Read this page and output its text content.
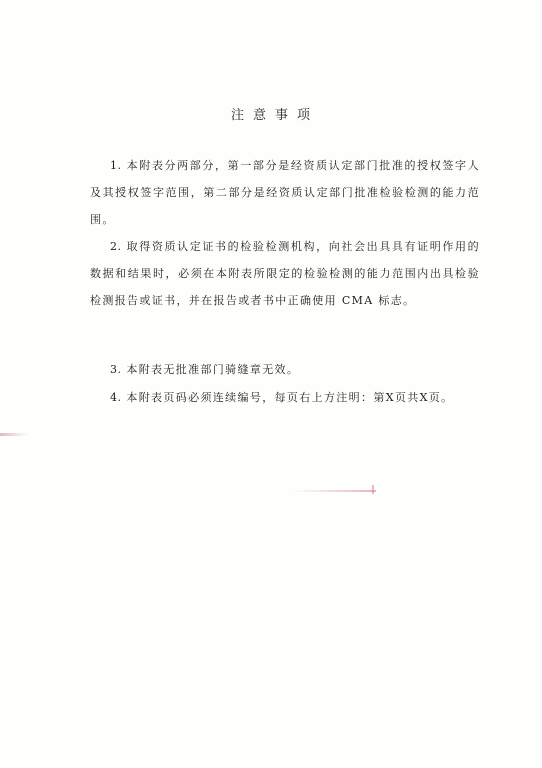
注意事项

1. 本附表分两部分，第一部分是经资质认定部门批准的授权签字人及其授权签字范围，第二部分是经资质认定部门批准检验检测的能力范围。

2. 取得资质认定证书的检验检测机构，向社会出具具有证明作用的数据和结果时，必须在本附表所限定的检验检测的能力范围内出具检验检测报告或证书，并在报告或者书中正确使用 CMA 标志。

3. 本附表无批准部门骑缝章无效。

4. 本附表页码必须连续编号，每页右上方注明：第X页共X页。
